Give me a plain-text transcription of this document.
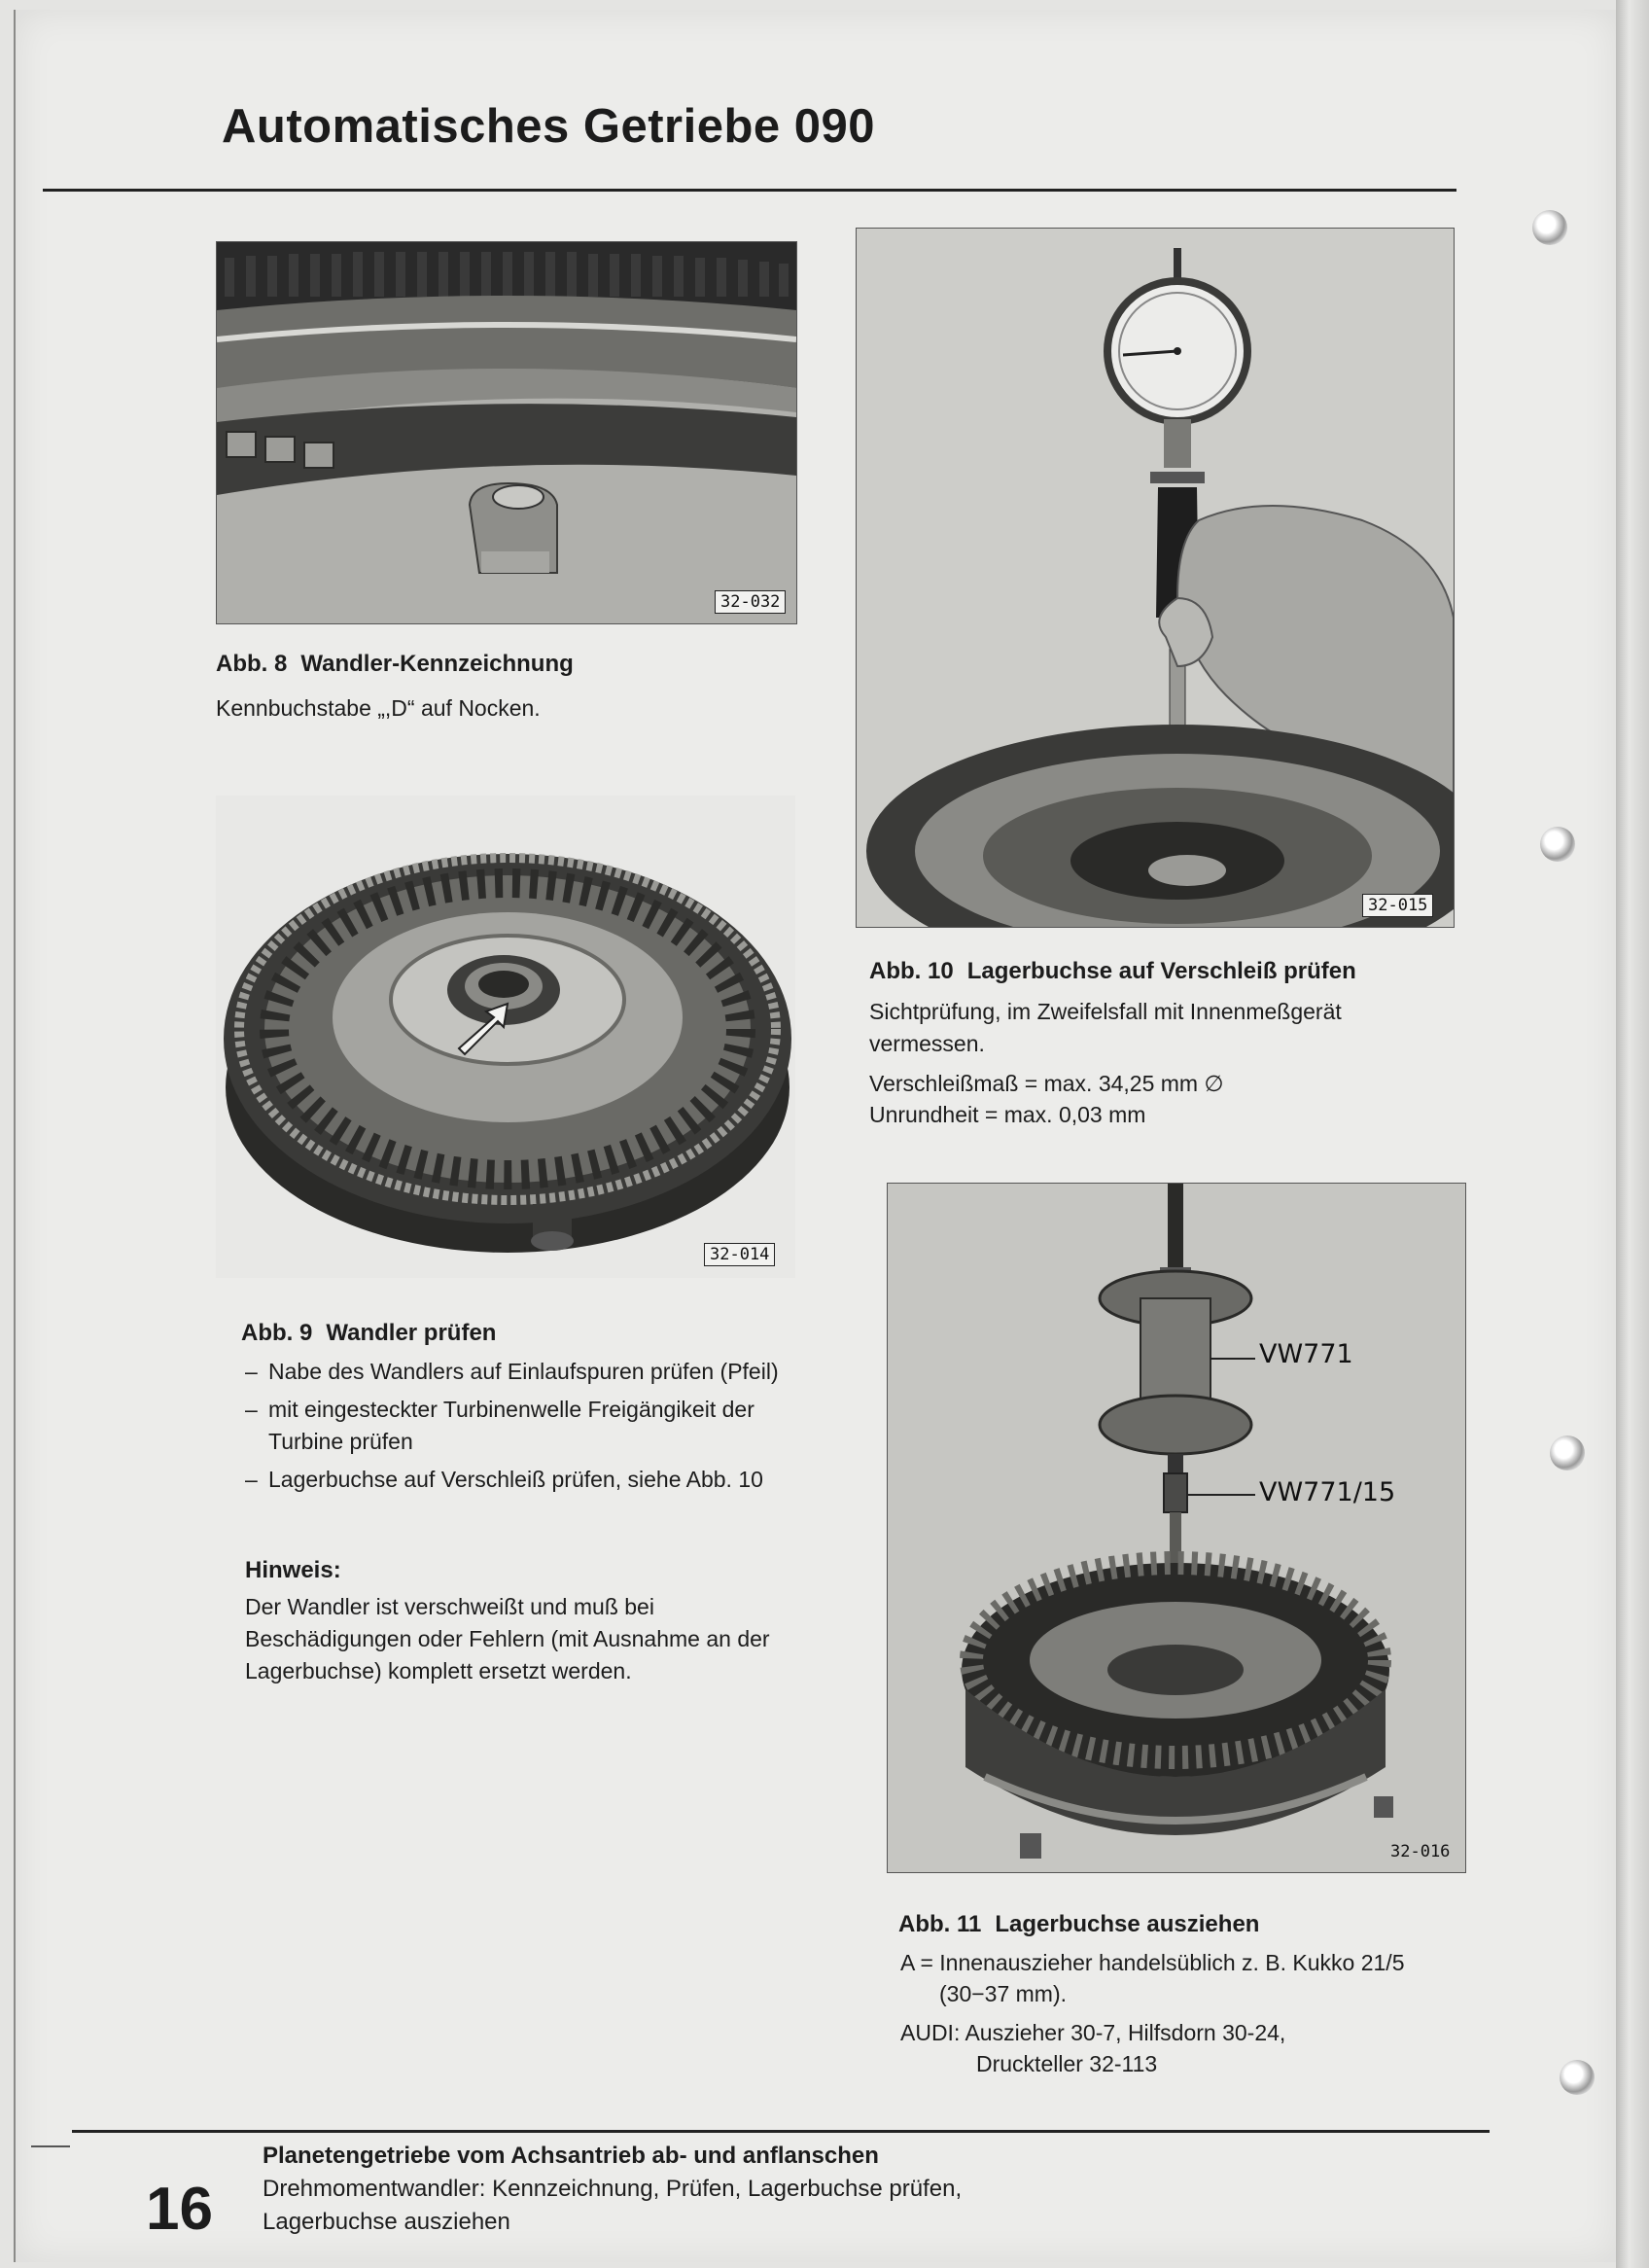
Automatisches Getriebe 090
32-032

Abb. 8 Wandler-Kennzeichnung

Kennbuchstabe „,D“ auf Nocken.

32-015

Abb. 10 Lagerbuchse auf Verschleiß prüfen

Sichtprüfung, im Zweifelsfall mit Innenmeßgerät vermessen.

Verschleißmaß = max. 34,25 mm ∅

Unrundheit = max. 0,03 mm

32-014

Abb. 9 Wandler prüfen

– Nabe des Wandlers auf Einlaufspuren prüfen (Pfeil)
– mit eingesteckter Turbinenwelle Freigängikeit der Turbine prüfen
– Lagerbuchse auf Verschleiß prüfen, siehe Abb. 10

Hinweis:

Der Wandler ist verschweißt und muß bei Beschädigungen oder Fehlern (mit Ausnahme an der Lagerbuchse) komplett ersetzt werden.

VW771
VW771/15
32-016

Abb. 11 Lagerbuchse ausziehen

A = Innenauszieher handelsüblich z. B. Kukko 21/5

(30−37 mm).

AUDI: Auszieher 30-7, Hilfsdorn 30-24,

Druckteller 32-113

16
Planetengetriebe vom Achsantrieb ab- und anflanschen
Drehmomentwandler: Kennzeichnung, Prüfen, Lagerbuchse prüfen,
Lagerbuchse ausziehen
